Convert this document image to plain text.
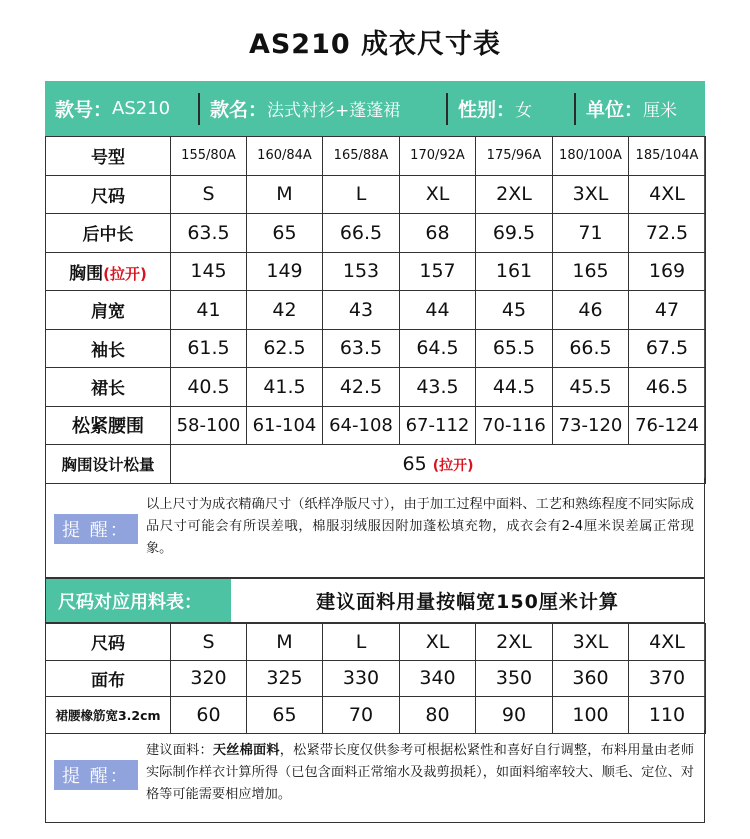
AS210 成衣尺寸表
款号： AS210 款名： 法式衬衫+蓬蓬裙	性别： 女	单位： 厘米
号型	155/80A	160/84A	165/88A	170/92A	175/96A	180/100A	185/104A
尺码	S	M	L	XL	2XL	3XL	4XL
后中长	63.5	65	66.5	68	69.5	71	72.5
胸围(拉开)	145	149	153	157	161	165	169
肩宽	41	42	43	44	45	46	47
袖长	61.5	62.5	63.5	64.5	65.5	66.5	67.5
裙长	40.5	41.5	42.5	43.5	44.5	45.5	46.5
松紧腰围	58-100	61-104	64-108	67-112	70-116	73-120	76-124
胸围设计松量	65 (拉开)						
提 醒：
以上尺寸为成衣精确尺寸（纸样净版尺寸），由于加工过程中面料、工艺和熟练程度不同实际成品尺寸可能会有所误差哦，棉服羽绒服因附加蓬松填充物，成衣会有2-4厘米误差属正常现象。
尺码对应用料表：	建议面料用量按幅宽150厘米计算
尺码	S	M	L	XL	2XL	3XL	4XL
面布	320	325	330	340	350	360	370
裙腰橡筋宽3.2cm	60	65	70	80	90	100	110
提 醒：
建议面料：天丝棉面料，松紧带长度仅供参考可根据松紧性和喜好自行调整，布料用量由老师实际制作样衣计算所得（已包含面料正常缩水及裁剪损耗），如面料缩率较大、顺毛、定位、对格等可能需要相应增加。
